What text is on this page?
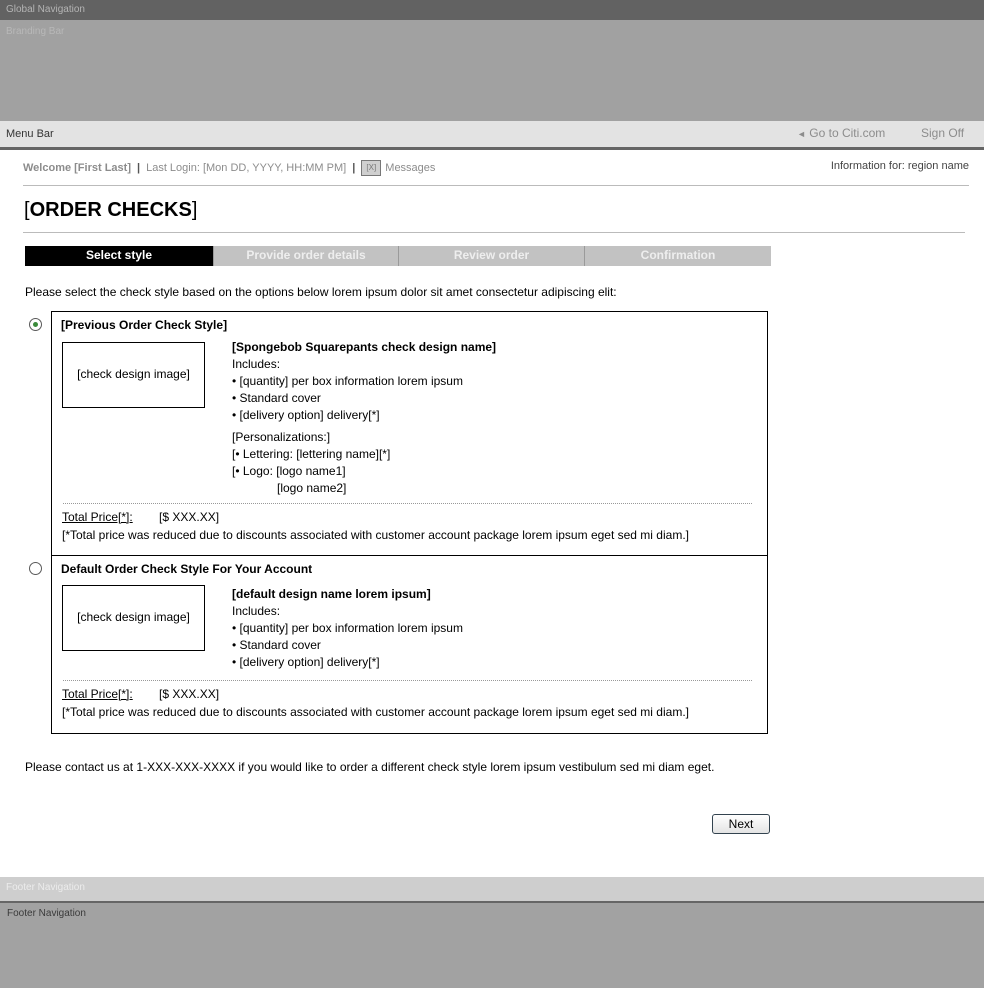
Global Navigation
Branding Bar
Menu Bar	◄ Go to Citi.com	Sign Off
Welcome [First Last] | Last Login: [Mon DD, YYYY, HH:MM PM] | [X] Messages	Information for: region name
[ORDER CHECKS]
Select style	Provide order details	Review order	Confirmation
Please select the check style based on the options below lorem ipsum dolor sit amet consectetur adipiscing elit:
[Previous Order Check Style]
[check design image]
[Spongebob Squarepants check design name]
Includes:
• [quantity] per box information lorem ipsum
• Standard cover
• [delivery option] delivery[*]
[Personalizations:]
[• Lettering: [lettering name][*]
[• Logo: [logo name1]
[logo name2]
Total Price[*]: [$ XXX.XX]
[*Total price was reduced due to discounts associated with customer account package lorem ipsum eget sed mi diam.]
Default Order Check Style For Your Account
[check design image]
[default design name lorem ipsum]
Includes:
• [quantity] per box information lorem ipsum
• Standard cover
• [delivery option] delivery[*]
Total Price[*]: [$ XXX.XX]
[*Total price was reduced due to discounts associated with customer account package lorem ipsum eget sed mi diam.]
Please contact us at 1-XXX-XXX-XXXX if you would like to order a different check style lorem ipsum vestibulum sed mi diam eget.
Next
Footer Navigation
Footer Navigation
